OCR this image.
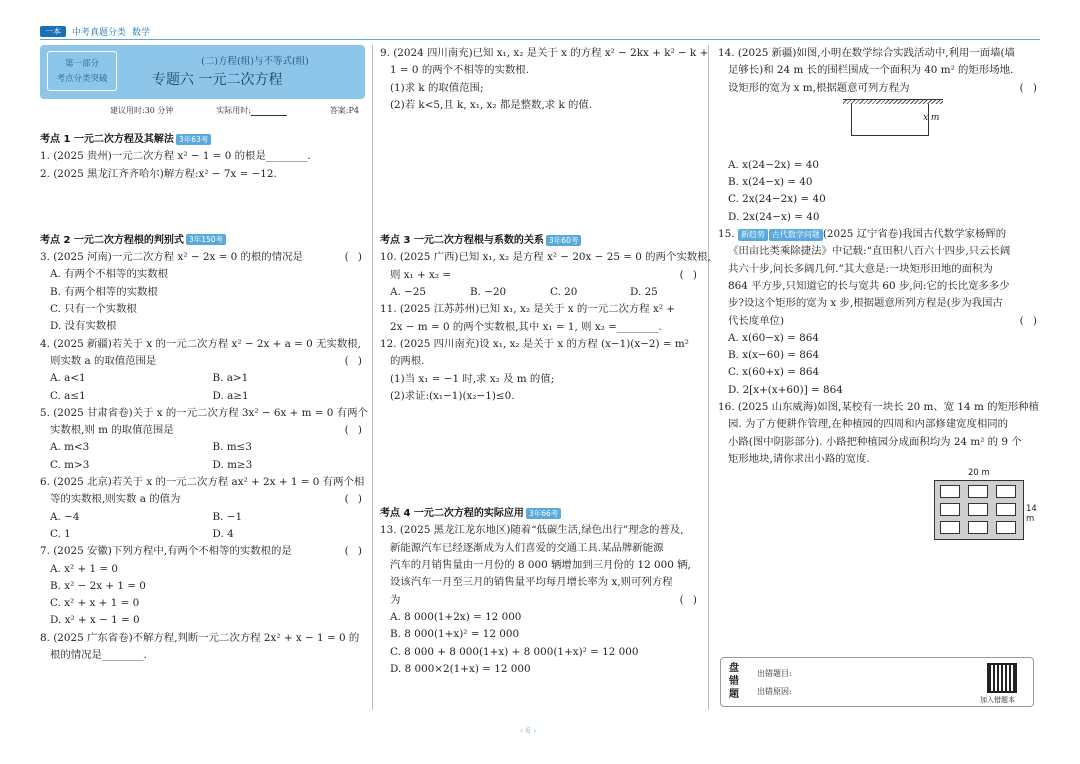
一本	中考真题分类 数学
第一部分
考点分类突破
(二)方程(组)与不等式(组)
专题六 一元二次方程
建议用时:30 分钟	实际用时:	答案:P4
考点 1 一元二次方程及其解法 3年63考
1. (2025 贵州)一元二次方程 x² − 1 = 0 的根是________.
2. (2025 黑龙江齐齐哈尔)解方程:x² − 7x = −12.
考点 2 一元二次方程根的判别式 3年150考
3. (2025 河南)一元二次方程 x² − 2x = 0 的根的情况是	( )
A. 有两个不相等的实数根
B. 有两个相等的实数根
C. 只有一个实数根
D. 没有实数根
4. (2025 新疆)若关于 x 的一元二次方程 x² − 2x + a = 0 无实数根,
则实数 a 的取值范围是	( )
A. a<1	B. a>1
C. a≤1	D. a≥1
5. (2025 甘肃省卷)关于 x 的一元二次方程 3x² − 6x + m = 0 有两个
实数根,则 m 的取值范围是	( )
A. m<3	B. m≤3
C. m>3	D. m≥3
6. (2025 北京)若关于 x 的一元二次方程 ax² + 2x + 1 = 0 有两个相
等的实数根,则实数 a 的值为	( )
A. −4	B. −1
C. 1	D. 4
7. (2025 安徽)下列方程中,有两个不相等的实数根的是	( )
A. x² + 1 = 0
B. x² − 2x + 1 = 0
C. x² + x + 1 = 0
D. x² + x − 1 = 0
8. (2025 广东省卷)不解方程,判断一元二次方程 2x² + x − 1 = 0 的
根的情况是________.
9. (2024 四川南充)已知 x₁, x₂ 是关于 x 的方程 x² − 2kx + k² − k +
1 = 0 的两个不相等的实数根.
(1)求 k 的取值范围;
(2)若 k<5,且 k, x₁, x₂ 都是整数,求 k 的值.
考点 3 一元二次方程根与系数的关系 3年60考
10. (2025 广西)已知 x₁, x₂ 是方程 x² − 20x − 25 = 0 的两个实数根,
则 x₁ + x₂ =	( )
A. −25	B. −20	C. 20	D. 25
11. (2025 江苏苏州)已知 x₁, x₂ 是关于 x 的一元二次方程 x² +
2x − m = 0 的两个实数根,其中 x₁ = 1, 则 x₂ =________.
12. (2025 四川南充)设 x₁, x₂ 是关于 x 的方程 (x−1)(x−2) = m²
的两根.
(1)当 x₁ = −1 时,求 x₂ 及 m 的值;
(2)求证:(x₁−1)(x₂−1)≤0.
考点 4 一元二次方程的实际应用 3年66考
13. (2025 黑龙江龙东地区)随着“低碳生活,绿色出行”理念的普及,
新能源汽车已经逐渐成为人们喜爱的交通工具.某品牌新能源
汽车的月销售量由一月份的 8 000 辆增加到三月份的 12 000 辆,
设该汽车一月至三月的销售量平均每月增长率为 x,则可列方程
为	( )
A. 8 000(1+2x) = 12 000
B. 8 000(1+x)² = 12 000
C. 8 000 + 8 000(1+x) + 8 000(1+x)² = 12 000
D. 8 000×2(1+x) = 12 000
14. (2025 新疆)如图,小明在数学综合实践活动中,利用一面墙(墙
足够长)和 24 m 长的围栏围成一个面积为 40 m² 的矩形场地.
设矩形的宽为 x m,根据题意可列方程为	( )
x m
A. x(24−2x) = 40
B. x(24−x) = 40
C. 2x(24−2x) = 40
D. 2x(24−x) = 40
15. 新趋势 古代数学问题 (2025 辽宁省卷)我国古代数学家杨辉的
《田亩比类乘除捷法》中记载:“直田积八百六十四步,只云长阔
共六十步,问长多阔几何.”其大意是:一块矩形田地的面积为
864 平方步,只知道它的长与宽共 60 步,问:它的长比宽多多少
步?设这个矩形的宽为 x 步,根据题意所列方程是(步为我国古
代长度单位)	( )
A. x(60−x) = 864
B. x(x−60) = 864
C. x(60+x) = 864
D. 2[x+(x+60)] = 864
16. (2025 山东威海)如图,某校有一块长 20 m、宽 14 m 的矩形种植
园. 为了方便耕作管理,在种植园的四周和内部修建宽度相同的
小路(图中阴影部分). 小路把种植园分成面积均为 24 m² 的 9 个
矩形地块,请你求出小路的宽度.
20 m
14 m
盘错题
出错题目:
出错原因:
加入错题本
‹ 6 ›
